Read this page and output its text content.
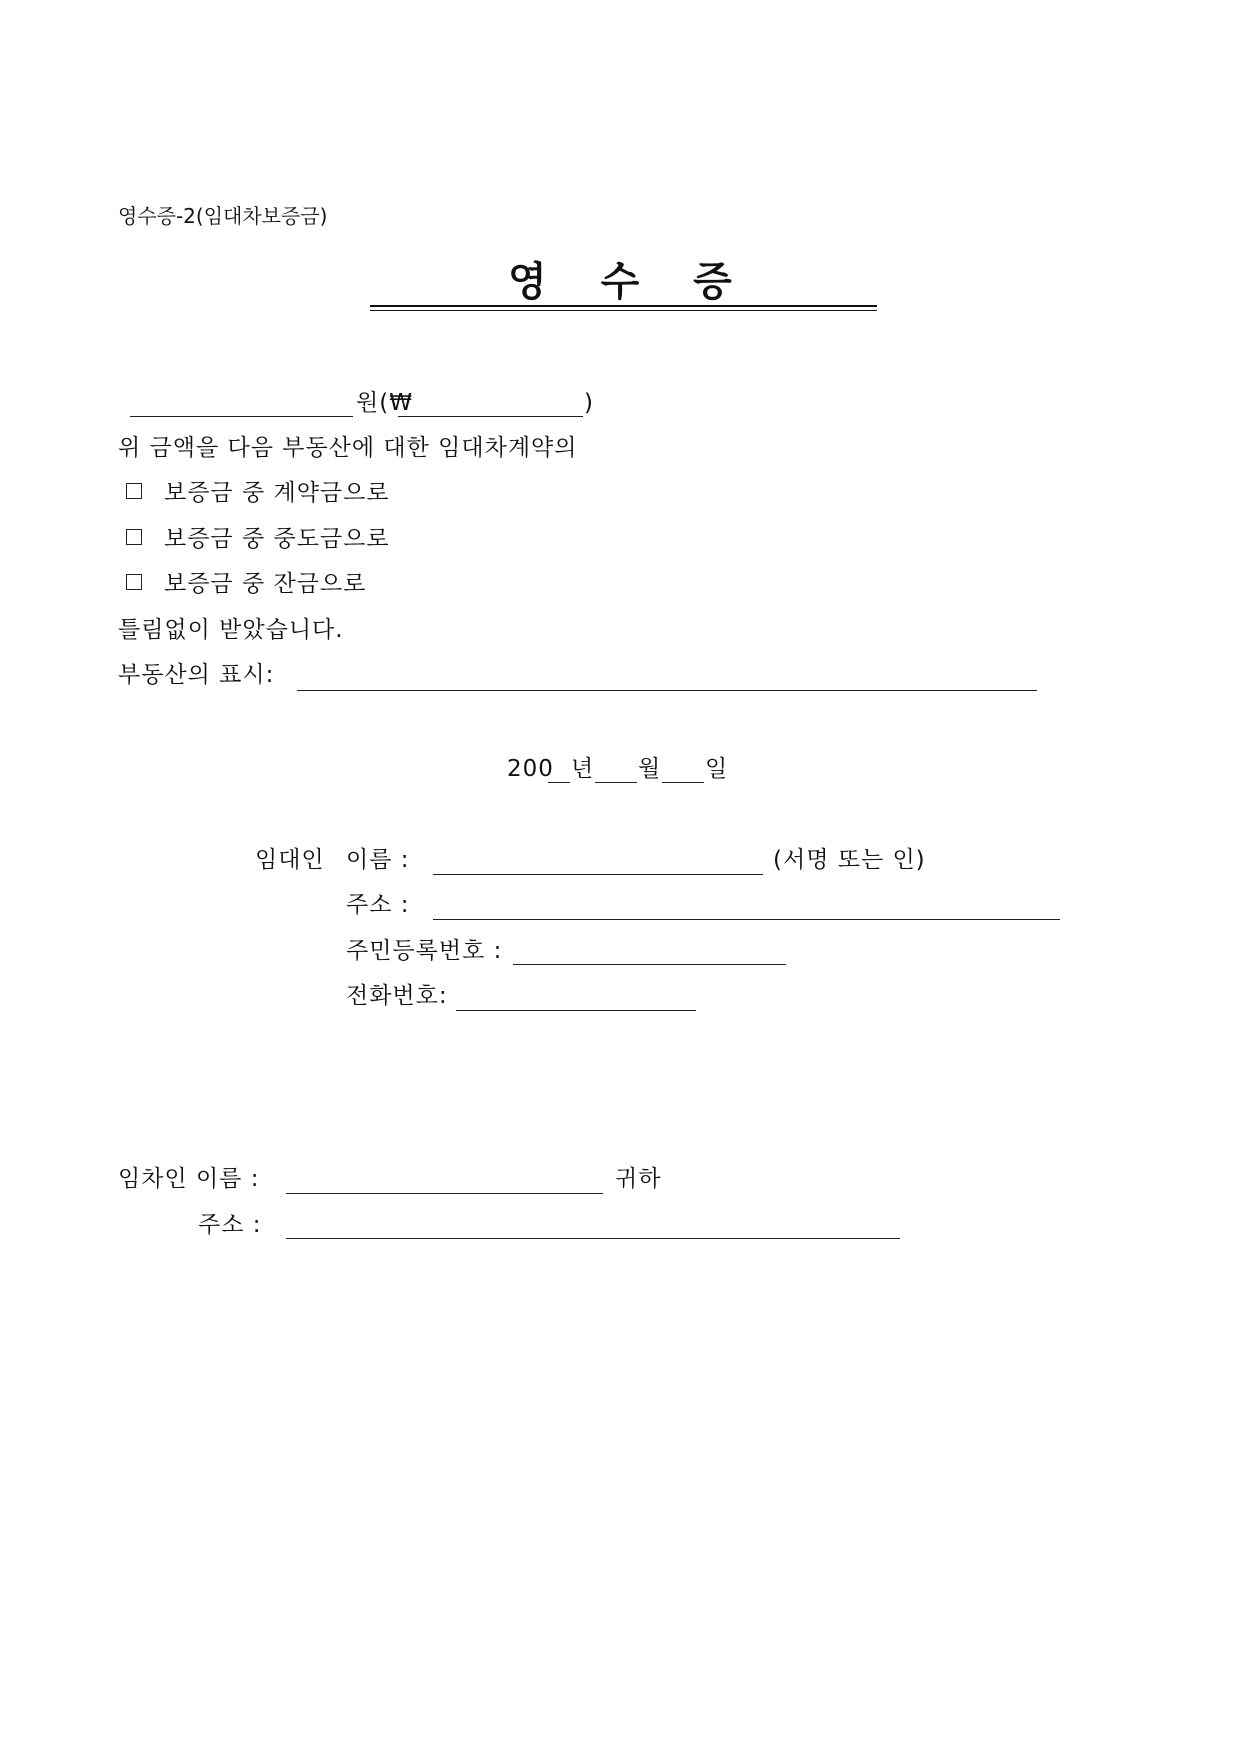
영수증-2(임대차보증금)
영 수 증
원(₩	)
위 금액을 다음 부동산에 대한 임대차계약의
보증금 중 계약금으로
보증금 중 중도금으로
보증금 중 잔금으로
틀림없이 받았습니다.
부동산의 표시:
200 년 월 일
임대인 이름 :	(서명 또는 인)
주소 :
주민등록번호 :
전화번호:
임차인 이름 :	귀하
주소 :
